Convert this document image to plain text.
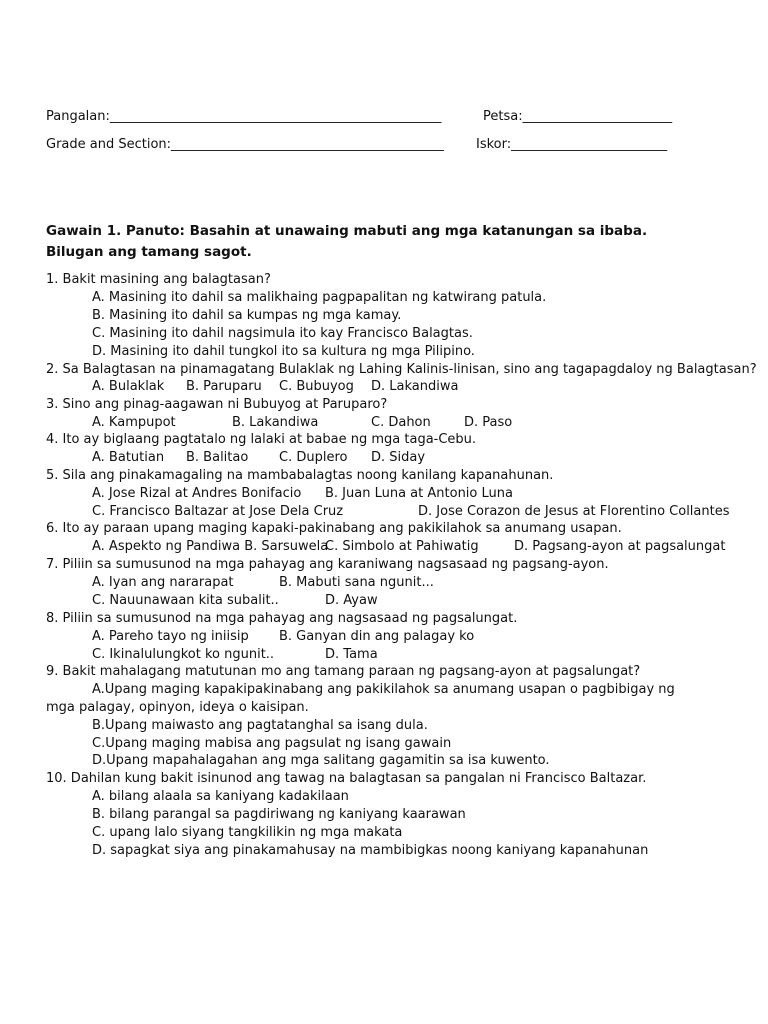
Pangalan:___________________________________________________	Petsa:_______________________
Grade and Section:__________________________________________ Iskor:________________________
Gawain 1. Panuto: Basahin at unawaing mabuti ang mga katanungan sa ibaba. Bilugan ang tamang sagot.
1. Bakit masining ang balagtasan?
A. Masining ito dahil sa malikhaing pagpapalitan ng katwirang patula.
B. Masining ito dahil sa kumpas ng mga kamay.
C. Masining ito dahil nagsimula ito kay Francisco Balagtas.
D. Masining ito dahil tungkol ito sa kultura ng mga Pilipino.
2. Sa Balagtasan na pinamagatang Bulaklak ng Lahing Kalinis-linisan, sino ang tagapagdaloy ng Balagtasan?
A. Bulaklak B. Paruparu C. Bubuyog D. Lakandiwa
3. Sino ang pinag-aagawan ni Bubuyog at Paruparo?
A. Kampupot	B. Lakandiwa	C. Dahon	D. Paso
4. Ito ay biglaang pagtatalo ng lalaki at babae ng mga taga-Cebu.
A. Batutian B. Balitao C. Duplero D. Siday
5. Sila ang pinakamagaling na mambabalagtas noong kanilang kapanahunan.
A. Jose Rizal at Andres Bonifacio B. Juan Luna at Antonio Luna
C. Francisco Baltazar at Jose Dela Cruz	D. Jose Corazon de Jesus at Florentino Collantes
6. Ito ay paraan upang maging kapaki-pakinabang ang pakikilahok sa anumang usapan.
A. Aspekto ng Pandiwa B. Sarsuwela
C. Simbolo at Pahiwatig	D. Pagsang-ayon at pagsalungat
7. Piliin sa sumusunod na mga pahayag ang karaniwang nagsasaad ng pagsang-ayon.
A. Iyan ang nararapat	B. Mabuti sana ngunit...
C. Nauunawaan kita subalit..	D. Ayaw
8. Piliin sa sumusunod na mga pahayag ang nagsasaad ng pagsalungat.
A. Pareho tayo ng iniisip B. Ganyan din ang palagay ko
C. Ikinalulungkot ko ngunit..	D. Tama
9. Bakit mahalagang matutunan mo ang tamang paraan ng pagsang-ayon at pagsalungat?
A.Upang maging kapakipakinabang ang pakikilahok sa anumang usapan o pagbibigay ng mga palagay, opinyon, ideya o kaisipan.
B.Upang maiwasto ang pagtatanghal sa isang dula.
C.Upang maging mabisa ang pagsulat ng isang gawain
D.Upang mapahalagahan ang mga salitang gagamitin sa isa kuwento.
10. Dahilan kung bakit isinunod ang tawag na balagtasan sa pangalan ni Francisco Baltazar.
A. bilang alaala sa kaniyang kadakilaan
B. bilang parangal sa pagdiriwang ng kaniyang kaarawan
C. upang lalo siyang tangkilikin ng mga makata
D. sapagkat siya ang pinakamahusay na mambibigkas noong kaniyang kapanahunan
